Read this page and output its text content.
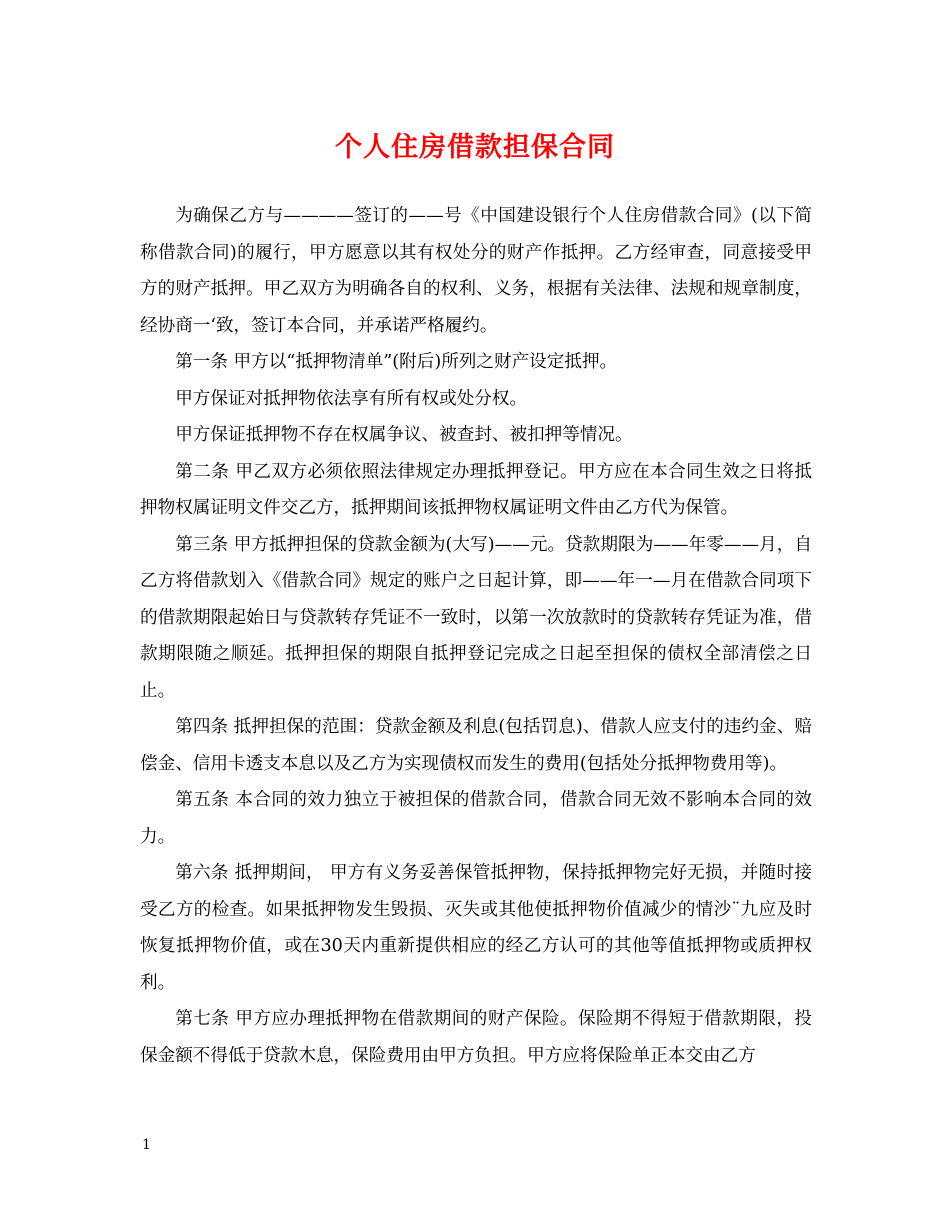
个人住房借款担保合同

为确保乙方与————签订的——号《中国建设银行个人住房借款合同》(以下简称借款合同)的履行，甲方愿意以其有权处分的财产作抵押。乙方经审查，同意接受甲方的财产抵押。甲乙双方为明确各自的权利、义务，根据有关法律、法规和规章制度，经协商一‘致，签订本合同，并承诺严格履约。

第一条 甲方以“抵押物清单”(附后)所列之财产设定抵押。

甲方保证对抵押物依法享有所有权或处分权。

甲方保证抵押物不存在权属争议、被查封、被扣押等情况。

第二条 甲乙双方必须依照法律规定办理抵押登记。甲方应在本合同生效之日将抵押物权属证明文件交乙方，抵押期间该抵押物权属证明文件由乙方代为保管。

第三条 甲方抵押担保的贷款金额为(大写)——元。贷款期限为——年零——月，自乙方将借款划入《借款合同》规定的账户之日起计算，即——年一—月在借款合同项下的借款期限起始日与贷款转存凭证不一致时，以第一次放款时的贷款转存凭证为准，借款期限随之顺延。抵押担保的期限自抵押登记完成之日起至担保的债权全部清偿之日止。

第四条 抵押担保的范围：贷款金额及利息(包括罚息)、借款人应支付的违约金、赔偿金、信用卡透支本息以及乙方为实现债权而发生的费用(包括处分抵押物费用等)。

第五条 本合同的效力独立于被担保的借款合同，借款合同无效不影响本合同的效力。

第六条 抵押期间， 甲方有义务妥善保管抵押物，保持抵押物完好无损，并随时接受乙方的检查。如果抵押物发生毁损、灭失或其他使抵押物价值减少的情沙¨九应及时恢复抵押物价值，或在30天内重新提供相应的经乙方认可的其他等值抵押物或质押权利。

第七条 甲方应办理抵押物在借款期间的财产保险。保险期不得短于借款期限，投保金额不得低于贷款木息，保险费用由甲方负担。甲方应将保险单正本交由乙方

1
